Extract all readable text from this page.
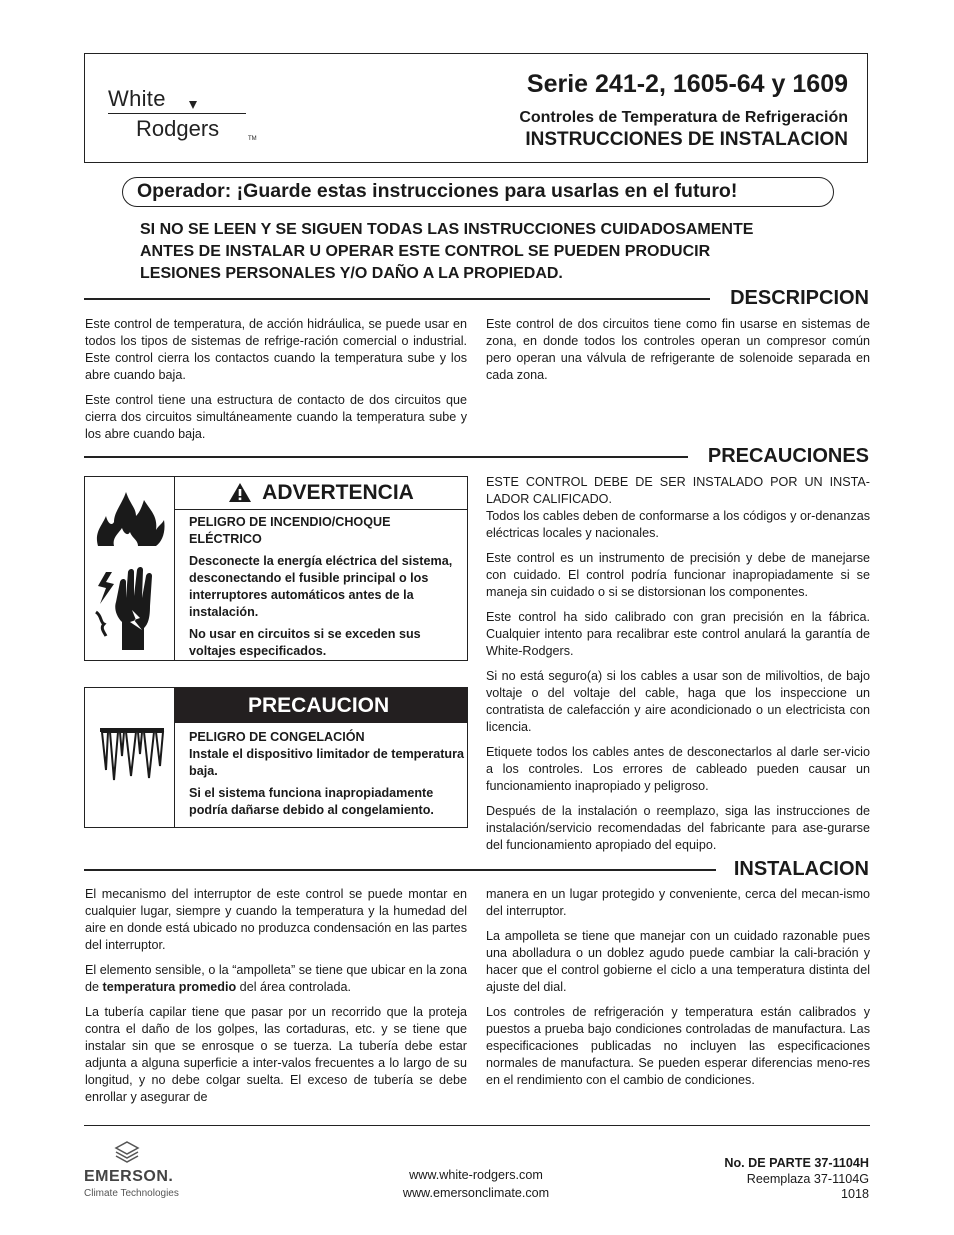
White
Rodgers	TM
Serie 241-2, 1605-64 y 1609
Controles de Temperatura de Refrigeración
INSTRUCCIONES DE INSTALACION
Operador: ¡Guarde estas instrucciones para usarlas en el futuro!
SI NO SE LEEN Y SE SIGUEN TODAS LAS INSTRUCCIONES CUIDADOSAMENTE
ANTES DE INSTALAR U OPERAR ESTE CONTROL SE PUEDEN PRODUCIR
LESIONES PERSONALES Y/O DAÑO A LA PROPIEDAD.
DESCRIPCION

Este control de temperatura, de acción hidráulica, se puede usar en todos los tipos de sistemas de refrige-ración comercial o industrial. Este control cierra los contactos cuando la temperatura sube y los abre cuando baja.

Este control tiene una estructura de contacto de dos circuitos que cierra dos circuitos simultáneamente cuando la temperatura sube y los abre cuando baja.

Este control de dos circuitos tiene como fin usarse en sistemas de zona, en donde todos los controles operan un compresor común pero operan una válvula de refrigerante de solenoide separada en cada zona.

PRECAUCIONES
ADVERTENCIA

PELIGRO DE INCENDIO/CHOQUE ELÉCTRICO

Desconecte la energía eléctrica del sistema, desconectando el fusible principal o los interruptores automáticos antes de la instalación.

No usar en circuitos si se exceden sus voltajes especificados.

PRECAUCION

PELIGRO DE CONGELACIÓN

Instale el dispositivo limitador de temperatura baja.

Si el sistema funciona inapropiadamente podría dañarse debido al congelamiento.

ESTE CONTROL DEBE DE SER INSTALADO POR UN INSTA-LADOR CALIFICADO.

Todos los cables deben de conformarse a los códigos y or-denanzas eléctricas locales y nacionales.

Este control es un instrumento de precisión y debe de manejarse con cuidado. El control podría funcionar inapropiadamente si se maneja sin cuidado o si se distorsionan los componentes.

Este control ha sido calibrado con gran precisión en la fábrica. Cualquier intento para recalibrar este control anulará la garantía de White-Rodgers.

Si no está seguro(a) si los cables a usar son de milivoltios, de bajo voltaje o del voltaje del cable, haga que los inspeccione un contratista de calefacción y aire acondicionado o un electricista con licencia.

Etiquete todos los cables antes de desconectarlos al darle ser-vicio a los controles. Los errores de cableado pueden causar un funcionamiento inapropiado y peligroso.

Después de la instalación o reemplazo, siga las instrucciones de instalación/servicio recomendadas del fabricante para ase-gurarse del funcionamiento apropiado del equipo.

INSTALACION

El mecanismo del interruptor de este control se puede montar en cualquier lugar, siempre y cuando la temperatura y la humedad del aire en donde está ubicado no produzca condensación en las partes del interruptor.

El elemento sensible, o la “ampolleta” se tiene que ubicar en la zona de temperatura promedio del área controlada.

La tubería capilar tiene que pasar por un recorrido que la proteja contra el daño de los golpes, las cortaduras, etc. y se tiene que instalar sin que se enrosque o se tuerza. La tubería debe estar adjunta a alguna superficie a inter-valos frecuentes a lo largo de su longitud, y no debe colgar suelta. El exceso de tubería se debe enrollar y asegurar de

manera en un lugar protegido y conveniente, cerca del mecan-ismo del interruptor.

La ampolleta se tiene que manejar con un cuidado razonable pues una abolladura o un doblez agudo puede cambiar la cali-bración y hacer que el control gobierne el ciclo a una temperatura distinta del ajuste del dial.

Los controles de refrigeración y temperatura están calibrados y puestos a prueba bajo condiciones controladas de manufactura. Las especificaciones publicadas no incluyen las especificaciones normales de manufactura. Se pueden esperar diferencias meno-res en el rendimiento con el cambio de condiciones.

EMERSON.
Climate Technologies
www.white-rodgers.com
www.emersonclimate.com
No. DE PARTE 37-1104H
Reemplaza 37-1104G
1018
